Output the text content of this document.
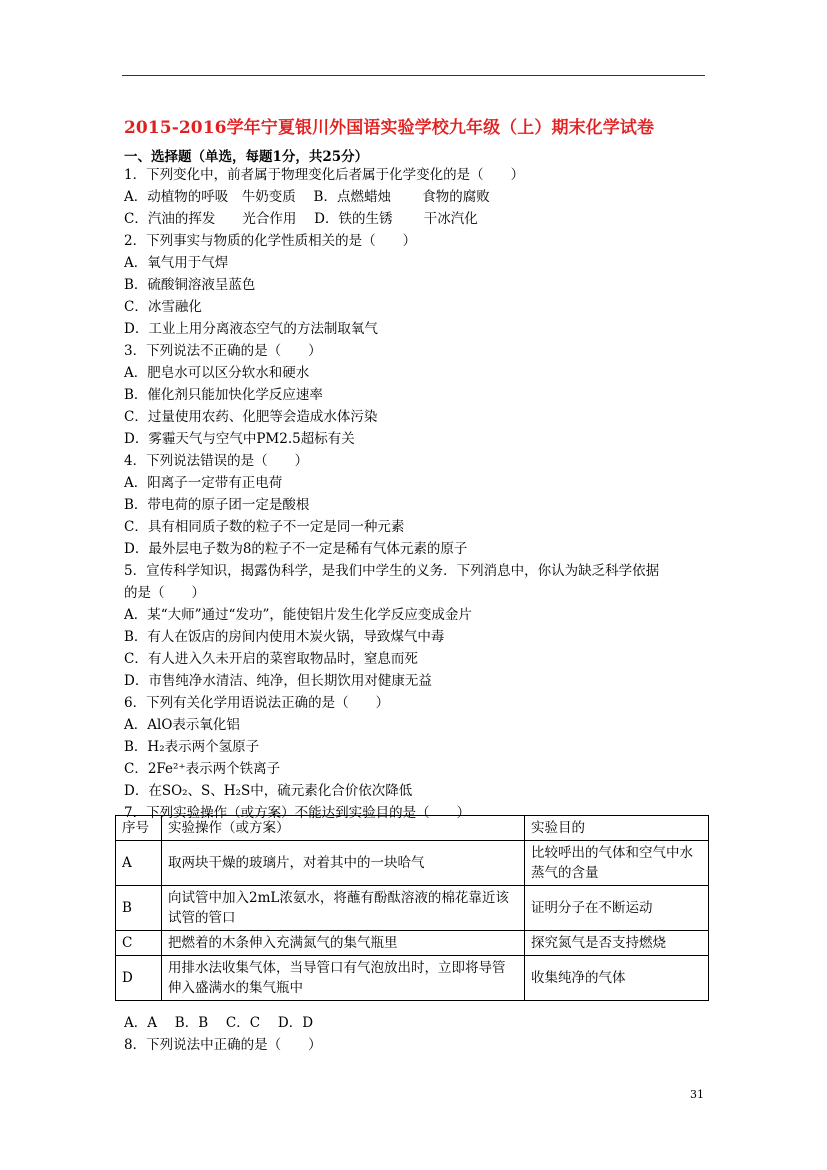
2015-2016学年宁夏银川外国语实验学校九年级（上）期末化学试卷
一、选择题（单选，每题1分，共25分）
1．下列变化中，前者属于物理变化后者属于化学变化的是（　　）
A．动植物的呼吸　牛奶变质　 B．点燃蜡烛　　 食物的腐败
C．汽油的挥发　　光合作用　 D．铁的生锈　　 干冰汽化
2．下列事实与物质的化学性质相关的是（　　）
A．氧气用于气焊
B．硫酸铜溶液呈蓝色
C．冰雪融化
D．工业上用分离液态空气的方法制取氧气
3．下列说法不正确的是（　　）
A．肥皂水可以区分软水和硬水
B．催化剂只能加快化学反应速率
C．过量使用农药、化肥等会造成水体污染
D．雾霾天气与空气中PM2.5超标有关
4．下列说法错误的是（　　）
A．阳离子一定带有正电荷
B．带电荷的原子团一定是酸根
C．具有相同质子数的粒子不一定是同一种元素
D．最外层电子数为8的粒子不一定是稀有气体元素的原子
5．宣传科学知识，揭露伪科学，是我们中学生的义务．下列消息中，你认为缺乏科学依据
的是（　　）
A．某“大师”通过“发功”，能使铝片发生化学反应变成金片
B．有人在饭店的房间内使用木炭火锅，导致煤气中毒
C．有人进入久未开启的菜窖取物品时，窒息而死
D．市售纯净水清洁、纯净，但长期饮用对健康无益
6．下列有关化学用语说法正确的是（　　）
A．AlO表示氧化铝
B．H₂表示两个氢原子
C．2Fe²⁺表示两个铁离子
D．在SO₂、S、H₂S中，硫元素化合价依次降低
7．下列实验操作（或方案）不能达到实验目的是（　　）
序号	实验操作（或方案）	实验目的
A	取两块干燥的玻璃片，对着其中的一块哈气	比较呼出的气体和空气中水蒸气的含量
B	向试管中加入2mL浓氨水，将蘸有酚酞溶液的棉花靠近该试管的管口	证明分子在不断运动
C	把燃着的木条伸入充满氮气的集气瓶里	探究氮气是否支持燃烧
D	用排水法收集气体，当导管口有气泡放出时，立即将导管伸入盛满水的集气瓶中	收集纯净的气体
A．A　 B．B　 C．C　 D．D
8．下列说法中正确的是（　　）
31
